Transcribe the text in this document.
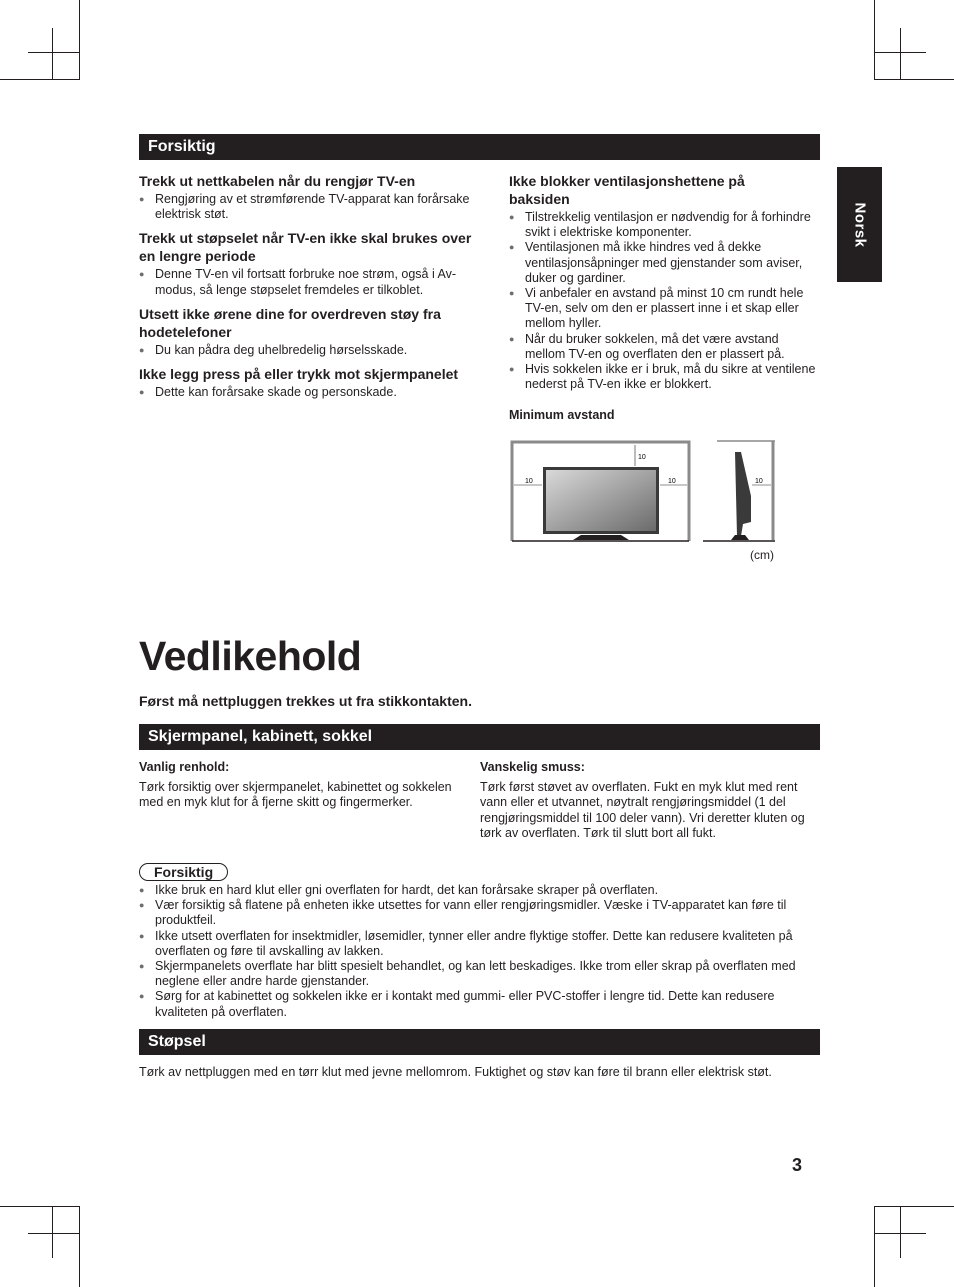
Norsk
Forsiktig

Trekk ut nettkabelen når du rengjør TV-en

● Rengjøring av et strømførende TV-apparat kan forårsake elektrisk støt.

Trekk ut støpselet når TV-en ikke skal brukes over en lengre periode

● Denne TV-en vil fortsatt forbruke noe strøm, også i Av-modus, så lenge støpselet fremdeles er tilkoblet.

Utsett ikke ørene dine for overdreven støy fra hodetelefoner

● Du kan pådra deg uhelbredelig hørselsskade.

Ikke legg press på eller trykk mot skjermpanelet

● Dette kan forårsake skade og personskade.

Ikke blokker ventilasjonshettene på baksiden

● Tilstrekkelig ventilasjon er nødvendig for å forhindre svikt i elektriske komponenter.
● Ventilasjonen må ikke hindres ved å dekke ventilasjonsåpninger med gjenstander som aviser, duker og gardiner.
● Vi anbefaler en avstand på minst 10 cm rundt hele TV-en, selv om den er plassert inne i et skap eller mellom hyller.
● Når du bruker sokkelen, må det være avstand mellom TV-en og overflaten den er plassert på.
● Hvis sokkelen ikke er i bruk, må du sikre at ventilene nederst på TV-en ikke er blokkert.
Minimum avstand
10
10	10	10
(cm)
Vedlikehold
Først må nettpluggen trekkes ut fra stikkontakten.
Skjermpanel, kabinett, sokkel
Vanlig renhold:
Tørk forsiktig over skjermpanelet, kabinettet og sokkelen med en myk klut for å fjerne skitt og fingermerker.
Vanskelig smuss:
Tørk først støvet av overflaten. Fukt en myk klut med rent vann eller et utvannet, nøytralt rengjøringsmiddel (1 del rengjøringsmiddel til 100 deler vann). Vri deretter kluten og tørk av overflaten. Tørk til slutt bort all fukt.
Forsiktig
● Ikke bruk en hard klut eller gni overflaten for hardt, det kan forårsake skraper på overflaten.
● Vær forsiktig så flatene på enheten ikke utsettes for vann eller rengjøringsmidler. Væske i TV-apparatet kan føre til produktfeil.
● Ikke utsett overflaten for insektmidler, løsemidler, tynner eller andre flyktige stoffer. Dette kan redusere kvaliteten på overflaten og føre til avskalling av lakken.
● Skjermpanelets overflate har blitt spesielt behandlet, og kan lett beskadiges. Ikke trom eller skrap på overflaten med neglene eller andre harde gjenstander.
● Sørg for at kabinettet og sokkelen ikke er i kontakt med gummi- eller PVC-stoffer i lengre tid. Dette kan redusere kvaliteten på overflaten.
Støpsel
Tørk av nettpluggen med en tørr klut med jevne mellomrom. Fuktighet og støv kan føre til brann eller elektrisk støt.
3
